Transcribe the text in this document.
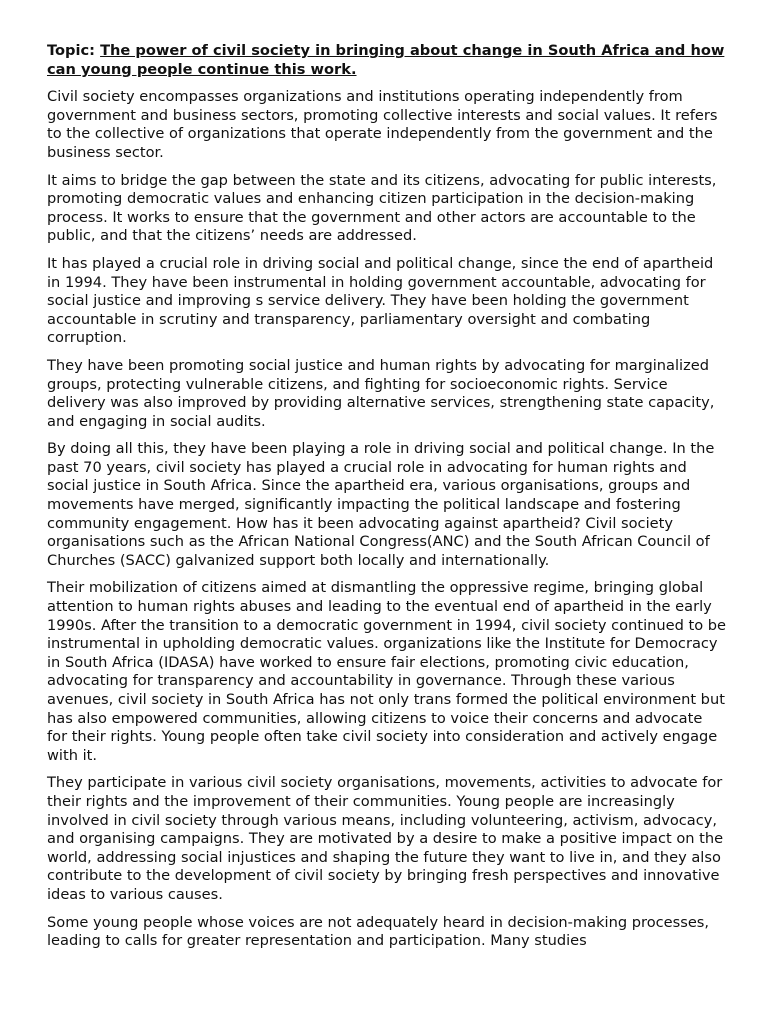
Topic: The power of civil society in bringing about change in South Africa and how can young people continue this work.

Civil society encompasses organizations and institutions operating independently from government and business sectors, promoting collective interests and social values. It refers to the collective of organizations that operate independently from the government and the business sector.

It aims to bridge the gap between the state and its citizens, advocating for public interests, promoting democratic values and enhancing citizen participation in the decision-making process. It works to ensure that the government and other actors are accountable to the public, and that the citizens’ needs are addressed.

It has played a crucial role in driving social and political change, since the end of apartheid in 1994. They have been instrumental in holding government accountable, advocating for social justice and improving s service delivery. They have been holding the government accountable in scrutiny and transparency, parliamentary oversight and combating corruption.

They have been promoting social justice and human rights by advocating for marginalized groups, protecting vulnerable citizens, and fighting for socioeconomic rights. Service delivery was also improved by providing alternative services, strengthening state capacity, and engaging in social audits.

By doing all this, they have been playing a role in driving social and political change. In the past 70 years, civil society has played a crucial role in advocating for human rights and social justice in South Africa. Since the apartheid era, various organisations, groups and movements have merged, significantly impacting the political landscape and fostering community engagement. How has it been advocating against apartheid? Civil society organisations such as the African National Congress(ANC) and the South African Council of Churches (SACC) galvanized support both locally and internationally.

Their mobilization of citizens aimed at dismantling the oppressive regime, bringing global attention to human rights abuses and leading to the eventual end of apartheid in the early 1990s. After the transition to a democratic government in 1994, civil society continued to be instrumental in upholding democratic values. organizations like the Institute for Democracy in South Africa (IDASA) have worked to ensure fair elections, promoting civic education, advocating for transparency and accountability in governance. Through these various avenues, civil society in South Africa has not only trans formed the political environment but has also empowered communities, allowing citizens to voice their concerns and advocate for their rights. Young people often take civil society into consideration and actively engage with it.

They participate in various civil society organisations, movements, activities to advocate for their rights and the improvement of their communities. Young people are increasingly involved in civil society through various means, including volunteering, activism, advocacy, and organising campaigns. They are motivated by a desire to make a positive impact on the world, addressing social injustices and shaping the future they want to live in, and they also contribute to the development of civil society by bringing fresh perspectives and innovative ideas to various causes.

Some young people whose voices are not adequately heard in decision-making processes, leading to calls for greater representation and participation. Many studies
